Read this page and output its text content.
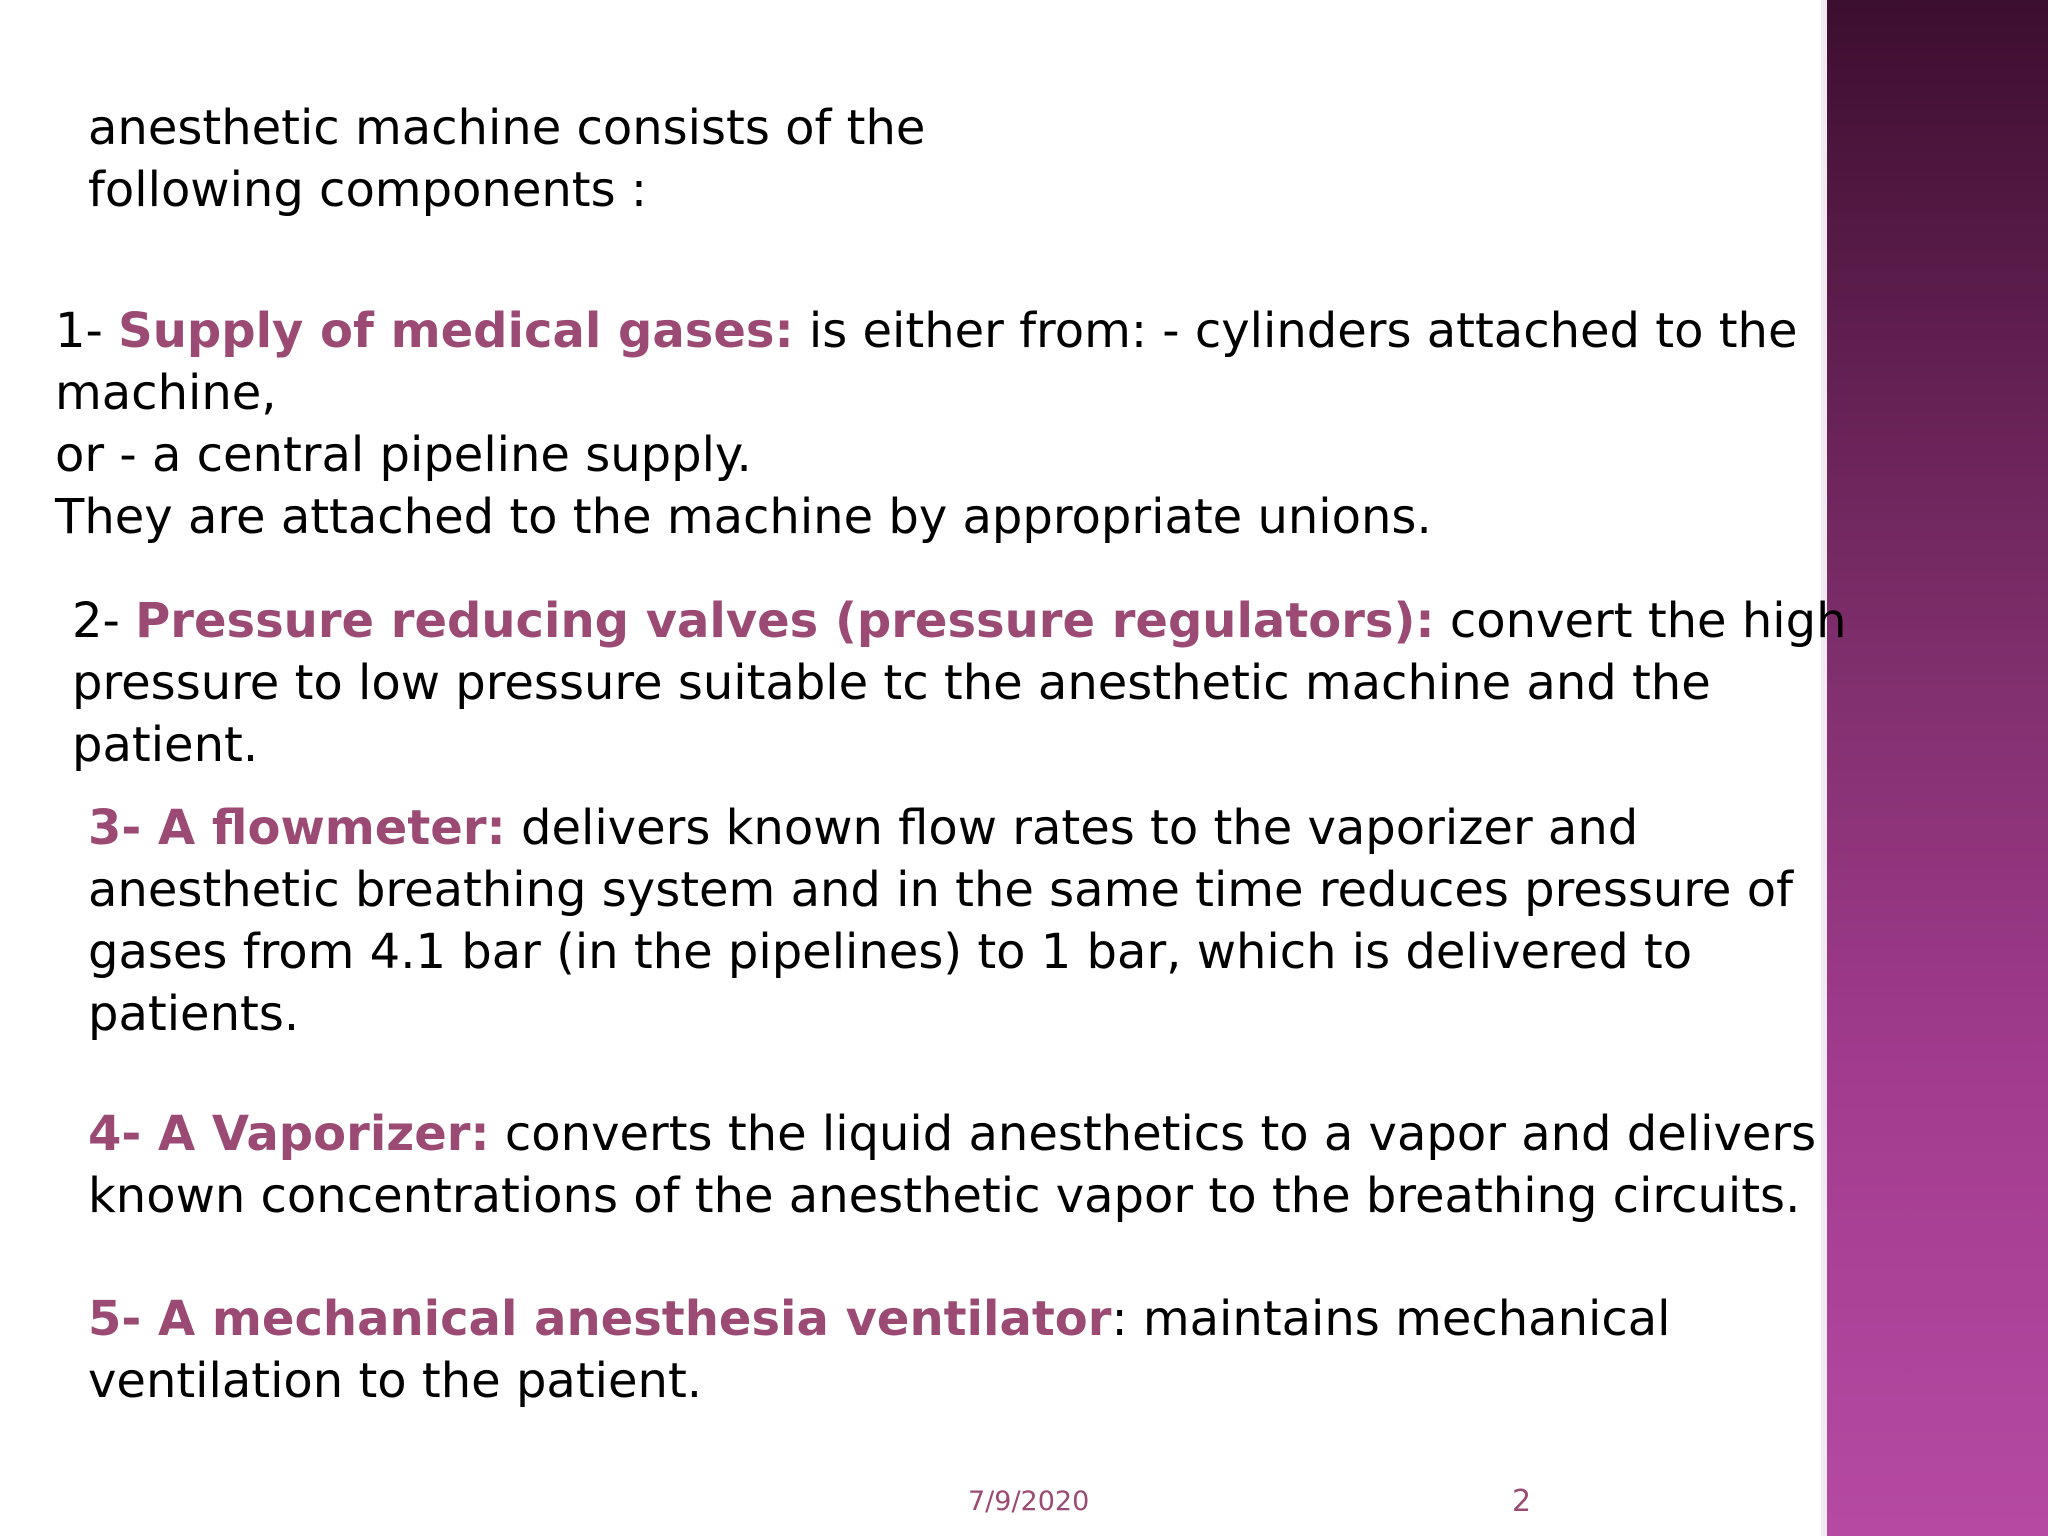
anesthetic machine consists of the
following components :
1- Supply of medical gases: is either from: - cylinders attached to the
machine,
or - a central pipeline supply.
They are attached to the machine by appropriate unions.
2- Pressure reducing valves (pressure regulators): convert the high
pressure to low pressure suitable tc the anesthetic machine and the
patient.
3- A flowmeter: delivers known flow rates to the vaporizer and
anesthetic breathing system and in the same time reduces pressure of
gases from 4.1 bar (in the pipelines) to 1 bar, which is delivered to
patients.
4- A Vaporizer: converts the liquid anesthetics to a vapor and delivers
known concentrations of the anesthetic vapor to the breathing circuits.
5- A mechanical anesthesia ventilator: maintains mechanical
ventilation to the patient.
7/9/2020	2
